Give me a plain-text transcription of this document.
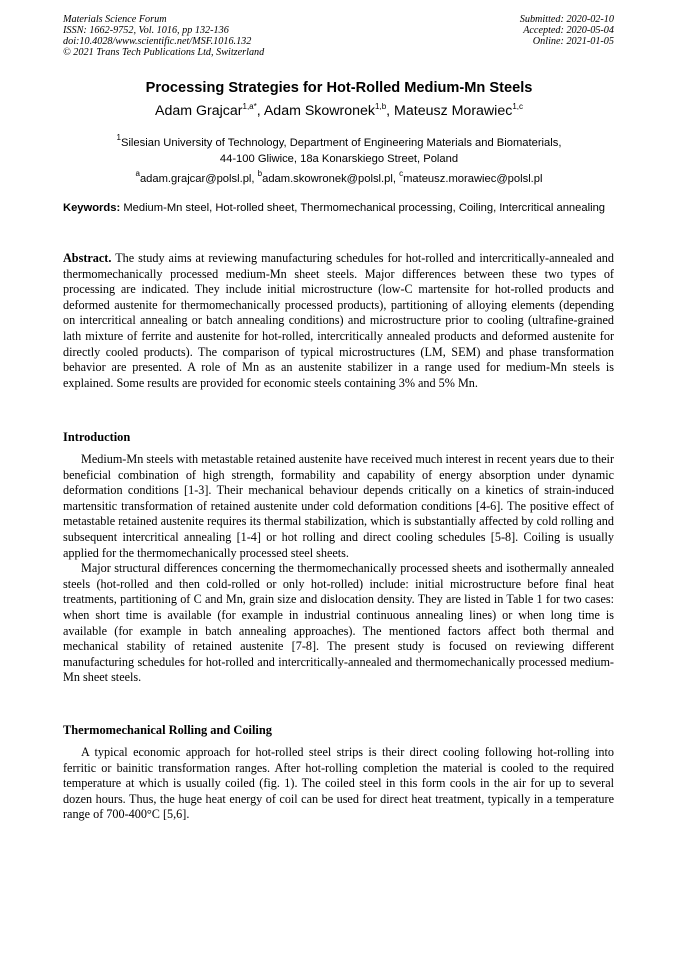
Materials Science Forum
ISSN: 1662-9752, Vol. 1016, pp 132-136
doi:10.4028/www.scientific.net/MSF.1016.132
© 2021 Trans Tech Publications Ltd, Switzerland
Submitted: 2020-02-10
Accepted: 2020-05-04
Online: 2021-01-05
Processing Strategies for Hot-Rolled Medium-Mn Steels
Adam Grajcar$^{1,a*}$, Adam Skowronek$^{1,b}$, Mateusz Morawiec$^{1,c}$
$^1$Silesian University of Technology, Department of Engineering Materials and Biomaterials,
44-100 Gliwice, 18a Konarskiego Street, Poland
$^a$adam.grajcar@polsl.pl, $^b$adam.skowronek@polsl.pl, $^c$mateusz.morawiec@polsl.pl
Keywords: Medium-Mn steel, Hot-rolled sheet, Thermomechanical processing, Coiling, Intercritical annealing
Abstract. The study aims at reviewing manufacturing schedules for hot-rolled and intercritically-annealed and thermomechanically processed medium-Mn sheet steels. Major differences between these two types of processing are indicated. They include initial microstructure (low-C martensite for hot-rolled products and deformed austenite for thermomechanically processed products), partitioning of alloying elements (depending on intercritical annealing or batch annealing conditions) and microstructure prior to cooling (ultrafine-grained lath mixture of ferrite and austenite for hot-rolled, intercritically annealed products and deformed austenite for directly cooled products). The comparison of typical microstructures (LM, SEM) and phase transformation behavior are presented. A role of Mn as an austenite stabilizer in a range used for medium-Mn steels is explained. Some results are provided for economic steels containing 3% and 5% Mn.
Introduction

Medium-Mn steels with metastable retained austenite have received much interest in recent years due to their beneficial combination of high strength, formability and capability of energy absorption under dynamic deformation conditions [1-3]. Their mechanical behaviour depends critically on a kinetics of strain-induced martensitic transformation of retained austenite under cold deformation conditions [4-6]. The positive effect of metastable retained austenite requires its thermal stabilization, which is substantially affected by cold rolling and subsequent intercritical annealing [1-4] or hot rolling and direct cooling schedules [5-8]. Coiling is usually applied for the thermomechanically processed steel sheets.

Major structural differences concerning the thermomechanically processed sheets and isothermally annealed steels (hot-rolled and then cold-rolled or only hot-rolled) include: initial microstructure before final heat treatments, partitioning of C and Mn, grain size and dislocation density. They are listed in Table 1 for two cases: when short time is available (for example in industrial continuous annealing lines) or when long time is available (for example in batch annealing approaches). The mentioned factors affect both thermal and mechanical stability of retained austenite [7-8]. The present study is focused on reviewing different manufacturing schedules for hot-rolled and intercritically-annealed and thermomechanically processed medium-Mn sheet steels.

Thermomechanical Rolling and Coiling

A typical economic approach for hot-rolled steel strips is their direct cooling following hot-rolling into ferritic or bainitic transformation ranges. After hot-rolling completion the material is cooled to the required temperature at which is usually coiled (fig. 1). The coiled steel in this form cools in the air for up to several dozen hours. Thus, the huge heat energy of coil can be used for direct heat treatment, typically in a temperature range of 700-400°C [5,6].
